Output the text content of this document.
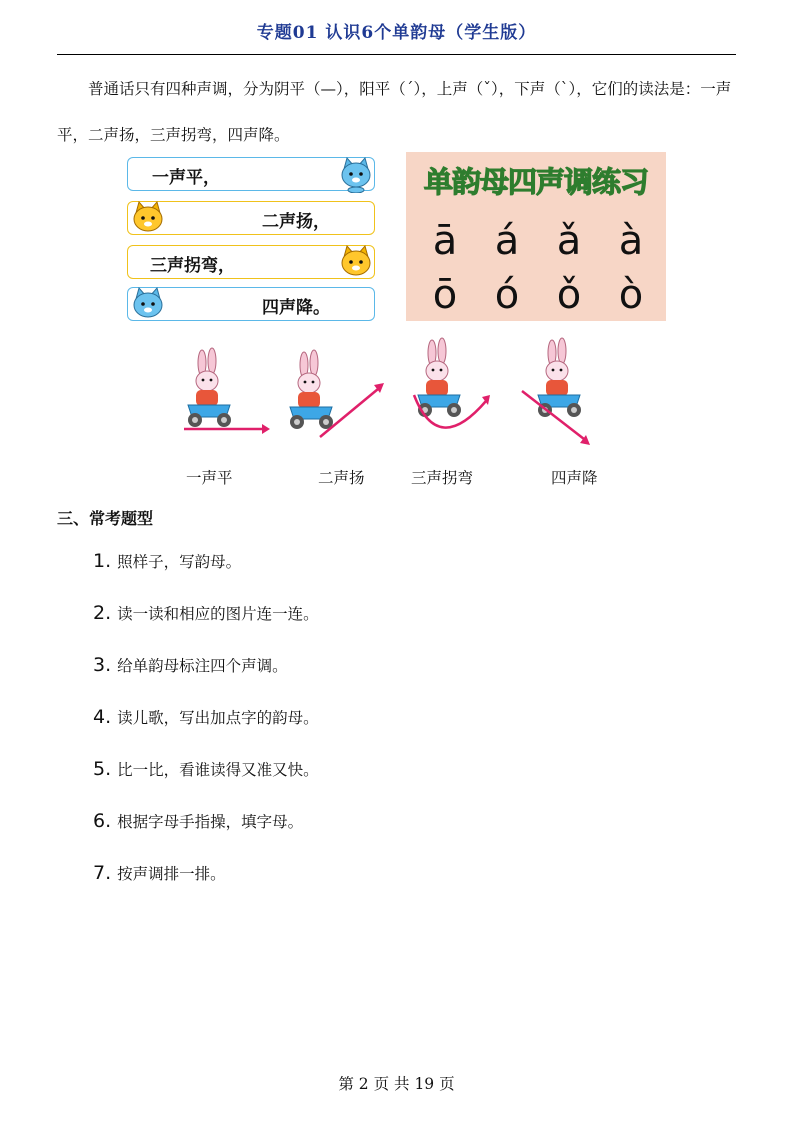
专题01 认识6个单韵母（学生版）
普通话只有四种声调，分为阴平（—），阳平（ˊ），上声（ˇ），下声（ˋ），它们的读法是：一声平，二声扬，三声拐弯，四声降。
一声平，
二声扬，
三声拐弯，
四声降。
单韵母四声调练习
ā á ǎ à
ō ó ǒ ò
一声平	二声扬	三声拐弯	四声降
三、常考题型
1. 照样子，写韵母。
2. 读一读和相应的图片连一连。
3. 给单韵母标注四个声调。
4. 读儿歌，写出加点字的韵母。
5. 比一比，看谁读得又准又快。
6. 根据字母手指操，填字母。
7. 按声调排一排。
第 2 页 共 19 页
